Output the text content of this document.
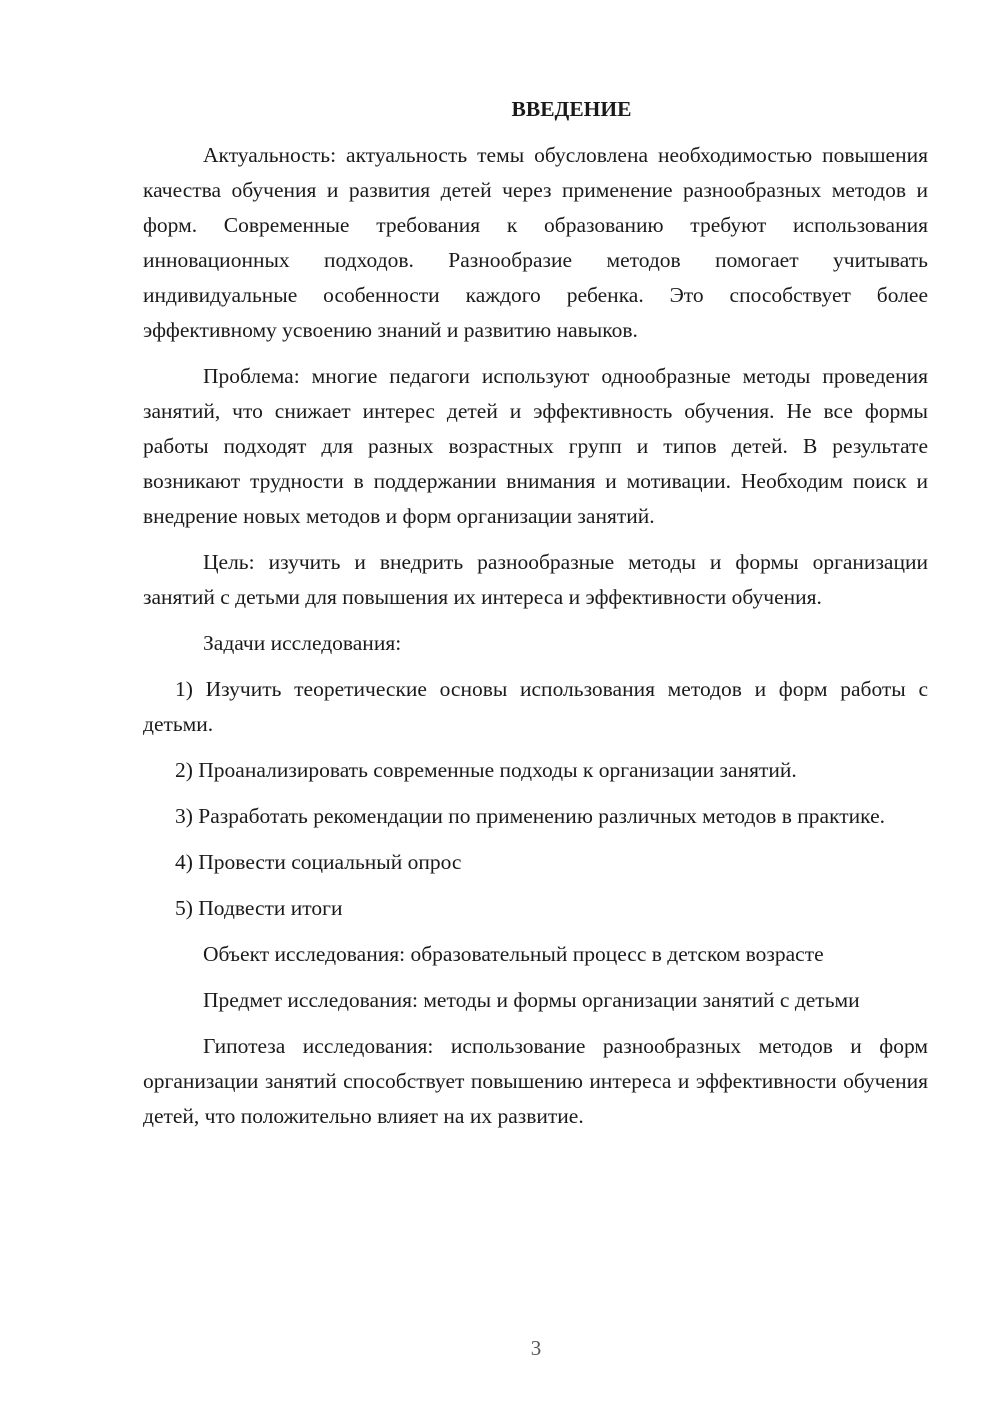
ВВЕДЕНИЕ

Актуальность: актуальность темы обусловлена необходимостью повышения качества обучения и развития детей через применение разнообразных методов и форм. Современные требования к образованию требуют использования инновационных подходов. Разнообразие методов помогает учитывать индивидуальные особенности каждого ребенка. Это способствует более эффективному усвоению знаний и развитию навыков.

Проблема: многие педагоги используют однообразные методы проведения занятий, что снижает интерес детей и эффективность обучения. Не все формы работы подходят для разных возрастных групп и типов детей. В результате возникают трудности в поддержании внимания и мотивации. Необходим поиск и внедрение новых методов и форм организации занятий.

Цель: изучить и внедрить разнообразные методы и формы организации занятий с детьми для повышения их интереса и эффективности обучения.

Задачи исследования:

1) Изучить теоретические основы использования методов и форм работы с детьми.

2) Проанализировать современные подходы к организации занятий.

3) Разработать рекомендации по применению различных методов в практике.

4) Провести социальный опрос

5) Подвести итоги

Объект исследования: образовательный процесс в детском возрасте

Предмет исследования: методы и формы организации занятий с детьми

Гипотеза исследования: использование разнообразных методов и форм организации занятий способствует повышению интереса и эффективности обучения детей, что положительно влияет на их развитие.

3
